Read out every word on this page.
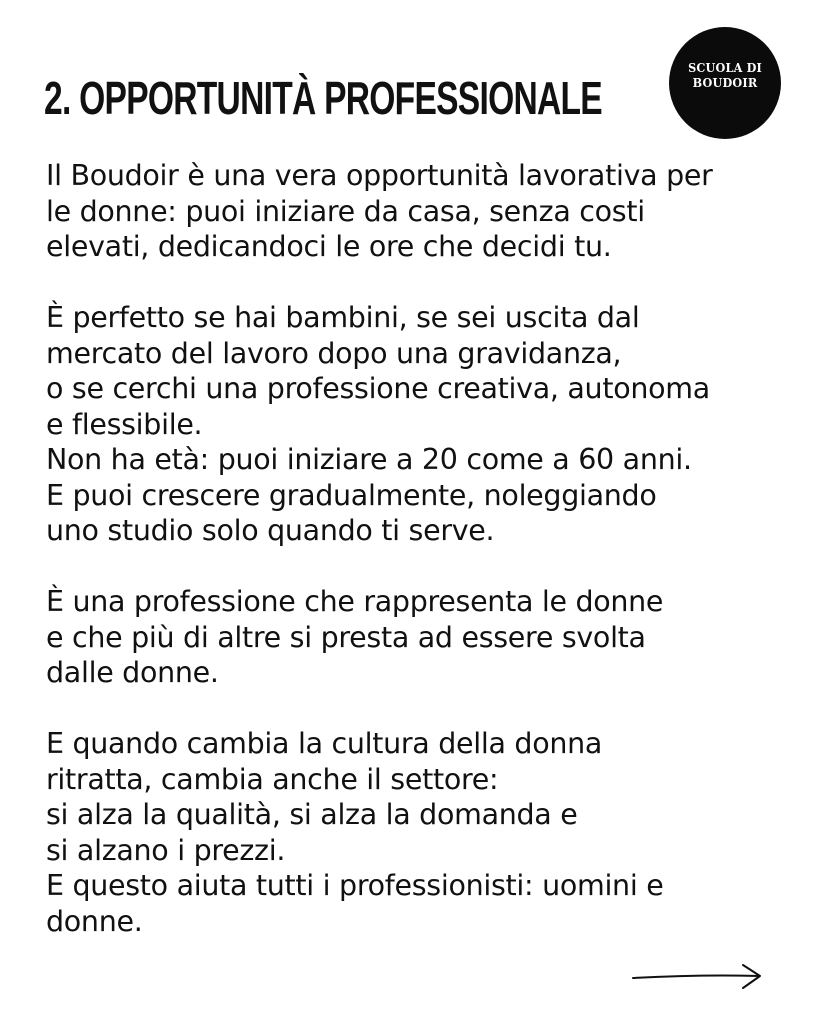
2. OPPORTUNITÀ PROFESSIONALE
SCUOLA DI
BOUDOIR

Il Boudoir è una vera opportunità lavorativa per
le donne: puoi iniziare da casa, senza costi
elevati, dedicandoci le ore che decidi tu.

È perfetto se hai bambini, se sei uscita dal
mercato del lavoro dopo una gravidanza,
o se cerchi una professione creativa, autonoma
e flessibile.
Non ha età: puoi iniziare a 20 come a 60 anni.
E puoi crescere gradualmente, noleggiando
uno studio solo quando ti serve.

È una professione che rappresenta le donne
e che più di altre si presta ad essere svolta
dalle donne.

E quando cambia la cultura della donna
ritratta, cambia anche il settore:
si alza la qualità, si alza la domanda e
si alzano i prezzi.
E questo aiuta tutti i professionisti: uomini e
donne.
